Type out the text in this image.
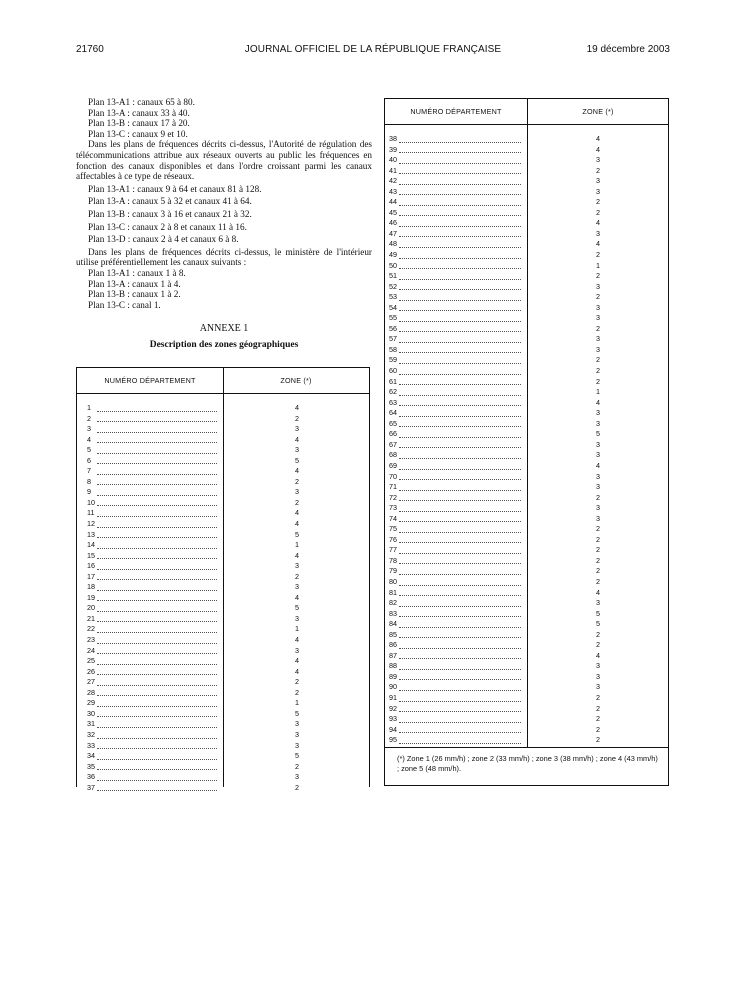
21760	JOURNAL OFFICIEL DE LA RÉPUBLIQUE FRANÇAISE	19 décembre 2003
Plan 13-A1 : canaux 65 à 80.
Plan 13-A : canaux 33 à 40.
Plan 13-B : canaux 17 à 20.
Plan 13-C : canaux 9 et 10.
Dans les plans de fréquences décrits ci-dessus, l'Autorité de régulation des télécommunications attribue aux réseaux ouverts au public les fréquences en fonction des canaux disponibles et dans l'ordre croissant parmi les canaux affectables à ce type de réseaux.
Plan 13-A1 : canaux 9 à 64 et canaux 81 à 128.
Plan 13-A : canaux 5 à 32 et canaux 41 à 64.
Plan 13-B : canaux 3 à 16 et canaux 21 à 32.
Plan 13-C : canaux 2 à 8 et canaux 11 à 16.
Plan 13-D : canaux 2 à 4 et canaux 6 à 8.
Dans les plans de fréquences décrits ci-dessus, le ministère de l'intérieur utilise préférentiellement les canaux suivants :
Plan 13-A1 : canaux 1 à 8.
Plan 13-A : canaux 1 à 4.
Plan 13-B : canaux 1 à 2.
Plan 13-C : canal 1.
ANNEXE 1
Description des zones géographiques
NUMÉRO DÉPARTEMENT	ZONE (*)
1	4
2	2
3	3
4	4
5	3
6	5
7	4
8	2
9	3
10	2
11	4
12	4
13	5
14	1
15	4
16	3
17	2
18	3
19	4
20	5
21	3
22	1
23	4
24	3
25	4
26	4
27	2
28	2
29	1
30	5
31	3
32	3
33	3
34	5
35	2
36	3
37	2
NUMÉRO DÉPARTEMENT	ZONE (*)
38	4
39	4
40	3
41	2
42	3
43	3
44	2
45	2
46	4
47	3
48	4
49	2
50	1
51	2
52	3
53	2
54	3
55	3
56	2
57	3
58	3
59	2
60	2
61	2
62	1
63	4
64	3
65	3
66	5
67	3
68	3
69	4
70	3
71	3
72	2
73	3
74	3
75	2
76	2
77	2
78	2
79	2
80	2
81	4
82	3
83	5
84	5
85	2
86	2
87	4
88	3
89	3
90	3
91	2
92	2
93	2
94	2
95	2
(*) Zone 1 (26 mm/h) ; zone 2 (33 mm/h) ; zone 3 (38 mm/h) ; zone 4 (43 mm/h) ; zone 5 (48 mm/h).
